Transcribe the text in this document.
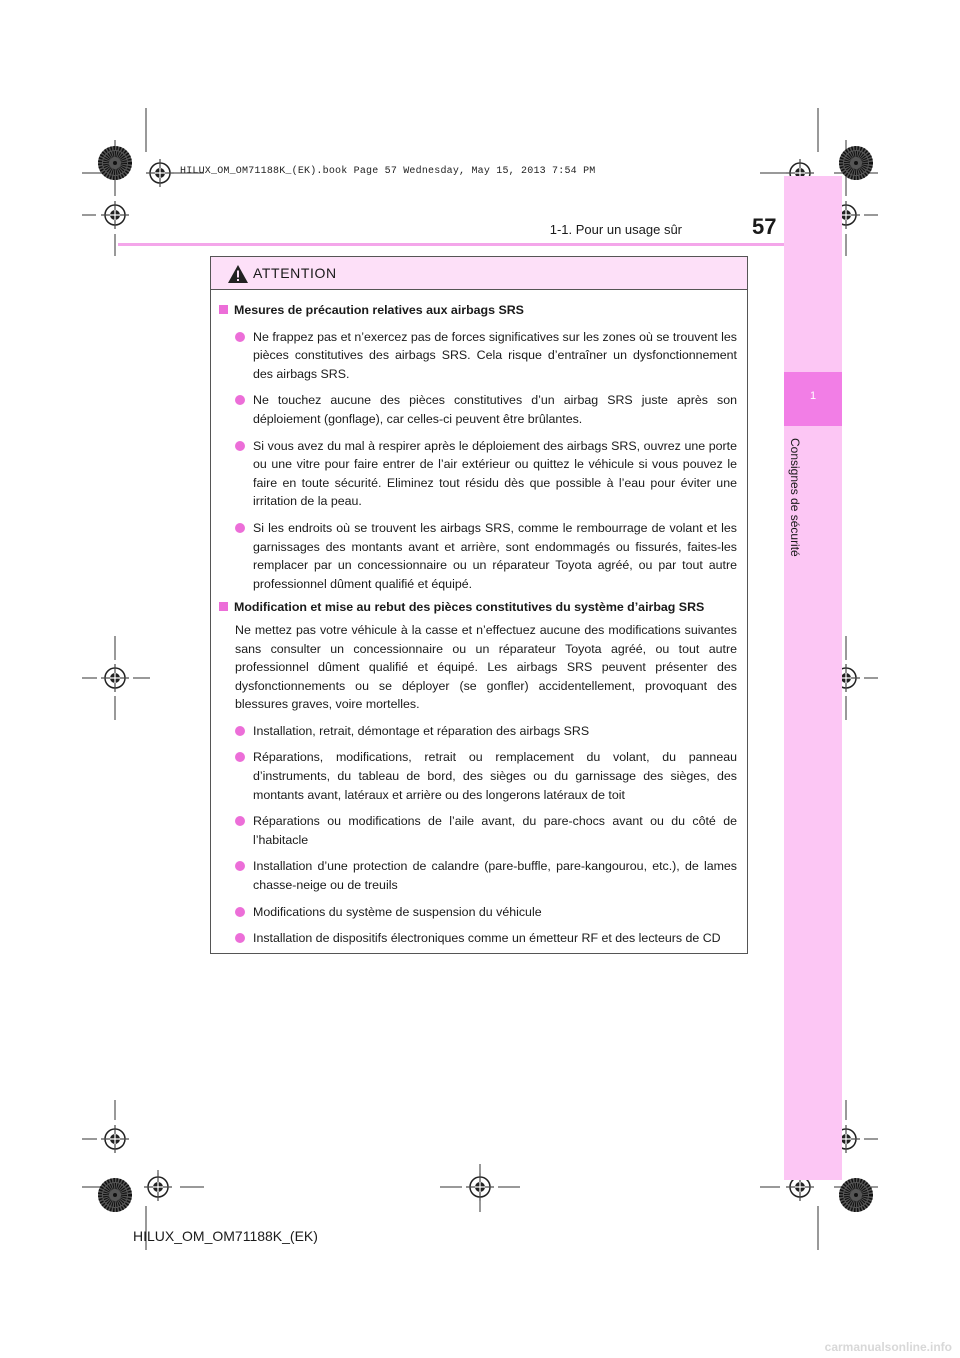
HILUX_OM_OM71188K_(EK).book Page 57 Wednesday, May 15, 2013 7:54 PM
1
Consignes de sécurité
1-1. Pour un usage sûr	57
ATTENTION
Mesures de précaution relatives aux airbags SRS
Ne frappez pas et n’exercez pas de forces significatives sur les zones où se trouvent les pièces constitutives des airbags SRS. Cela risque d’entraîner un dysfonctionnement des airbags SRS.
Ne touchez aucune des pièces constitutives d’un airbag SRS juste après son déploiement (gonflage), car celles-ci peuvent être brûlantes.
Si vous avez du mal à respirer après le déploiement des airbags SRS, ouvrez une porte ou une vitre pour faire entrer de l’air extérieur ou quittez le véhicule si vous pouvez le faire en toute sécurité. Eliminez tout résidu dès que possible à l’eau pour éviter une irritation de la peau.
Si les endroits où se trouvent les airbags SRS, comme le rembourrage de volant et les garnissages des montants avant et arrière, sont endommagés ou fissurés, faites-les remplacer par un concessionnaire ou un réparateur Toyota agréé, ou par tout autre professionnel dûment qualifié et équipé.
Modification et mise au rebut des pièces constitutives du système d’airbag SRS
Ne mettez pas votre véhicule à la casse et n’effectuez aucune des modifications suivantes sans consulter un concessionnaire ou un réparateur Toyota agréé, ou tout autre professionnel dûment qualifié et équipé. Les airbags SRS peuvent présenter des dysfonctionnements ou se déployer (se gonfler) accidentellement, provoquant des blessures graves, voire mortelles.
Installation, retrait, démontage et réparation des airbags SRS
Réparations, modifications, retrait ou remplacement du volant, du panneau d’instruments, du tableau de bord, des sièges ou du garnissage des sièges, des montants avant, latéraux et arrière ou des longerons latéraux de toit
Réparations ou modifications de l’aile avant, du pare-chocs avant ou du côté de l’habitacle
Installation d’une protection de calandre (pare-buffle, pare-kangourou, etc.), de lames chasse-neige ou de treuils
Modifications du système de suspension du véhicule
Installation de dispositifs électroniques comme un émetteur RF et des lecteurs de CD
HILUX_OM_OM71188K_(EK)
carmanualsonline.info
